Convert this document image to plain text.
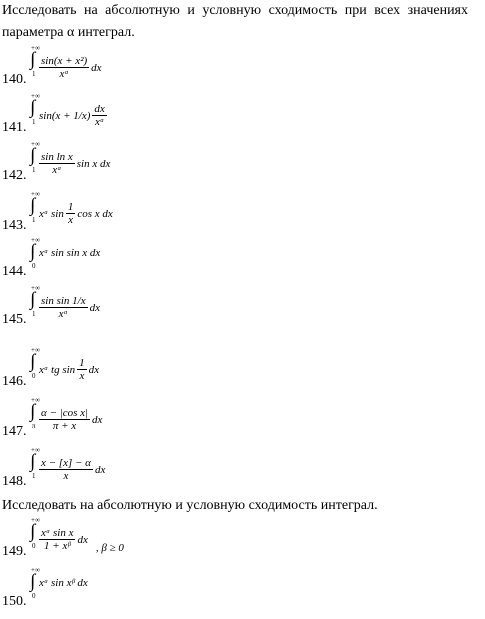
Исследовать на абсолютную и условную сходимость при всех значениях параметра α интеграл.
140.
∫
+∞
$1 \frac{\text{sin(x + x²)}}{\text{xᵅ}}$ dx
141.
∫
+∞
1
$\sin(x + 1/x) \frac{dx}{\text{xᵅ}}$
142.
∫
+∞
$1 \frac{\text{sin ln x}}{\text{xᵅ}}$ sin x dx
143.
∫
+∞
1
xᵅ $\sin \frac{1}{x}$ cos x dx
144.
∫
+∞
0
xᵅ sin sin x dx
145.
∫
+∞
$1 \frac{\text{sin sin 1/x}}{\text{xᵅ}}$ dx
146.
∫
+∞
0
xᵅ tg $\sin \frac{1}{x}$ dx
147.
∫
+∞
π $\frac{\text{α − |cos x|}}{\pi + x}$ dx
148.
∫
+∞
$1 \frac{x - [x] - \alpha}{x}$ dx
149.
∫
+∞
$0 \frac{\text{xᵅ sin x}}{\text{1 + xᵝ}}$ dx
, β ≥ 0
150.
∫
+∞
0
xᵅ sin xᵝ dx
Исследовать на абсолютную и условную сходимость интеграл.
